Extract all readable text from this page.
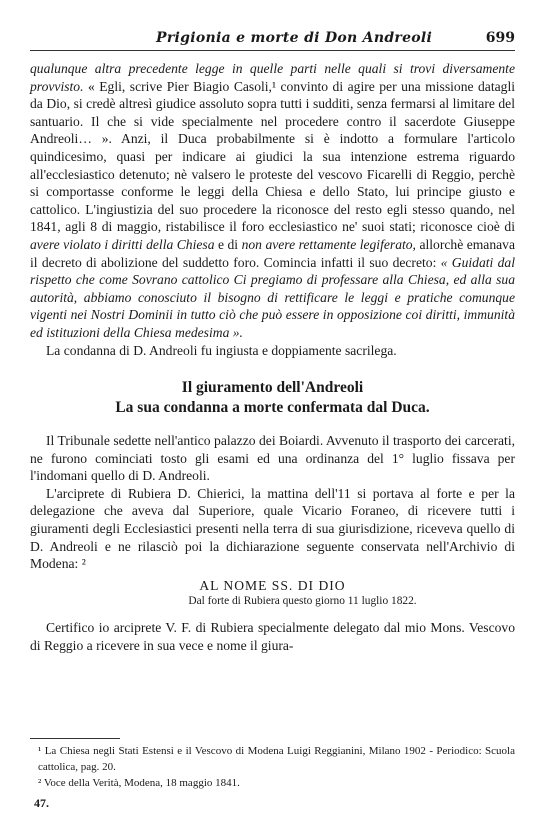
Prigionia e morte di Don Andreoli	699

qualunque altra precedente legge in quelle parti nelle quali si trovi diversamente provvisto. « Egli, scrive Pier Biagio Casoli,¹ convinto di agire per una missione datagli da Dio, si credè altresì giudice assoluto sopra tutti i sudditi, senza fermarsi al limitare del santuario. Il che si vide specialmente nel procedere contro il sacerdote Giuseppe Andreoli… ». Anzi, il Duca probabilmente si è indotto a formulare l'articolo quindicesimo, quasi per indicare ai giudici la sua intenzione estrema riguardo all'ecclesiastico detenuto; nè valsero le proteste del vescovo Ficarelli di Reggio, perchè si comportasse conforme le leggi della Chiesa e dello Stato, lui principe giusto e cattolico. L'ingiustizia del suo procedere la riconosce del resto egli stesso quando, nel 1841, agli 8 di maggio, ristabilisce il foro ecclesiastico ne' suoi stati; riconosce cioè di avere violato i diritti della Chiesa e di non avere rettamente legiferato, allorchè emanava il decreto di abolizione del suddetto foro. Comincia infatti il suo decreto: « Guidati dal rispetto che come Sovrano cattolico Ci pregiamo di professare alla Chiesa, ed alla sua autorità, abbiamo conosciuto il bisogno di rettificare le leggi e pratiche comunque vigenti nei Nostri Dominii in tutto ciò che può essere in opposizione coi diritti, immunità ed istituzioni della Chiesa medesima ».

La condanna di D. Andreoli fu ingiusta e doppiamente sacrilega.

Il giuramento dell'Andreoli
La sua condanna a morte confermata dal Duca.

Il Tribunale sedette nell'antico palazzo dei Boiardi. Avvenuto il trasporto dei carcerati, ne furono cominciati tosto gli esami ed una ordinanza del 1° luglio fissava per l'indomani quello di D. Andreoli.

L'arciprete di Rubiera D. Chierici, la mattina dell'11 si portava al forte e per la delegazione che aveva dal Superiore, quale Vicario Foraneo, di ricevere tutti i giuramenti degli Ecclesiastici presenti nella terra di sua giurisdizione, riceveva quello di D. Andreoli e ne rilasciò poi la dichiarazione seguente conservata nell'Archivio di Modena: ²

AL NOME SS. DI DIO
Dal forte di Rubiera questo giorno 11 luglio 1822.

Certifico io arciprete V. F. di Rubiera specialmente delegato dal mio Mons. Vescovo di Reggio a ricevere in sua vece e nome il giura-

¹ La Chiesa negli Stati Estensi e il Vescovo di Modena Luigi Reggianini, Milano 1902 - Periodico: Scuola cattolica, pag. 20.
² Voce della Verità, Modena, 18 maggio 1841.
47.
